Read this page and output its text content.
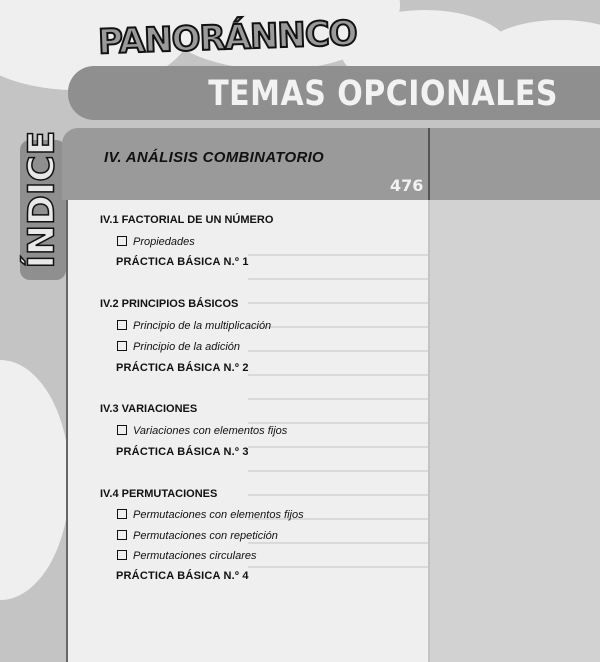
PANORÁNNCO
TEMAS OPCIONALES
ÍNDICE	IV. ANÁLISIS COMBINATORIO
476
IV.1 FACTORIAL DE UN NÚMERO
Propiedades
PRÁCTICA BÁSICA N.º 1
IV.2 PRINCIPIOS BÁSICOS
Principio de la multiplicación
Principio de la adición
PRÁCTICA BÁSICA N.º 2
IV.3 VARIACIONES
Variaciones con elementos fijos
PRÁCTICA BÁSICA N.º 3
IV.4 PERMUTACIONES
Permutaciones con elementos fijos
Permutaciones con repetición
Permutaciones circulares
PRÁCTICA BÁSICA N.º 4
